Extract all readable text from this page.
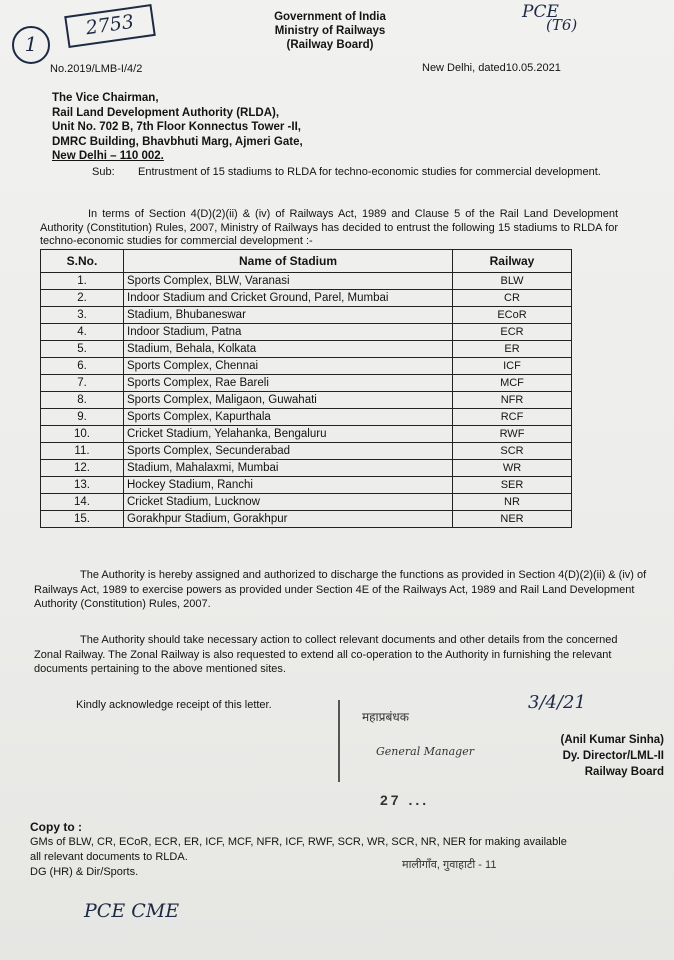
1
2753	PCE
(T6)
Government of India
Ministry of Railways
(Railway Board)
No.2019/LMB-I/4/2	New Delhi, dated10.05.2021
The Vice Chairman,
Rail Land Development Authority (RLDA),
Unit No. 702 B, 7th Floor Konnectus Tower -II,
DMRC Building, Bhavbhuti Marg, Ajmeri Gate,
New Delhi – 110 002.
Sub: Entrustment of 15 stadiums to RLDA for techno-economic studies for commercial development.
In terms of Section 4(D)(2)(ii) & (iv) of Railways Act, 1989 and Clause 5 of the Rail Land Development Authority (Constitution) Rules, 2007, Ministry of Railways has decided to entrust the following 15 stadiums to RLDA for techno-economic studies for commercial development :-
S.No.	Name of Stadium	Railway
1.	Sports Complex, BLW, Varanasi	BLW
2.	Indoor Stadium and Cricket Ground, Parel, Mumbai	CR
3.	Stadium, Bhubaneswar	ECoR
4.	Indoor Stadium, Patna	ECR
5.	Stadium, Behala, Kolkata	ER
6.	Sports Complex, Chennai	ICF
7.	Sports Complex, Rae Bareli	MCF
8.	Sports Complex, Maligaon, Guwahati	NFR
9.	Sports Complex, Kapurthala	RCF
10.	Cricket Stadium, Yelahanka, Bengaluru	RWF
11.	Sports Complex, Secunderabad	SCR
12.	Stadium, Mahalaxmi, Mumbai	WR
13.	Hockey Stadium, Ranchi	SER
14.	Cricket Stadium, Lucknow	NR
15.	Gorakhpur Stadium, Gorakhpur	NER
The Authority is hereby assigned and authorized to discharge the functions as provided in Section 4(D)(2)(ii) & (iv) of Railways Act, 1989 to exercise powers as provided under Section 4E of the Railways Act, 1989 and Rail Land Development Authority (Constitution) Rules, 2007.
The Authority should take necessary action to collect relevant documents and other details from the concerned Zonal Railway. The Zonal Railway is also requested to extend all co-operation to the Authority in furnishing the relevant documents pertaining to the above mentioned sites.
Kindly acknowledge receipt of this letter.
महाप्रबंधक
General Manager
27 ...
3/4/21
(Anil Kumar Sinha)
Dy. Director/LML-II
Railway Board
Copy to :
GMs of BLW, CR, ECoR, ECR, ER, ICF, MCF, NFR, ICF, RWF, SCR, WR, SCR, NR, NER for making available
all relevant documents to RLDA.
DG (HR) & Dir/Sports.
मालीगाँव, गुवाहाटी - 11
PCE CME
